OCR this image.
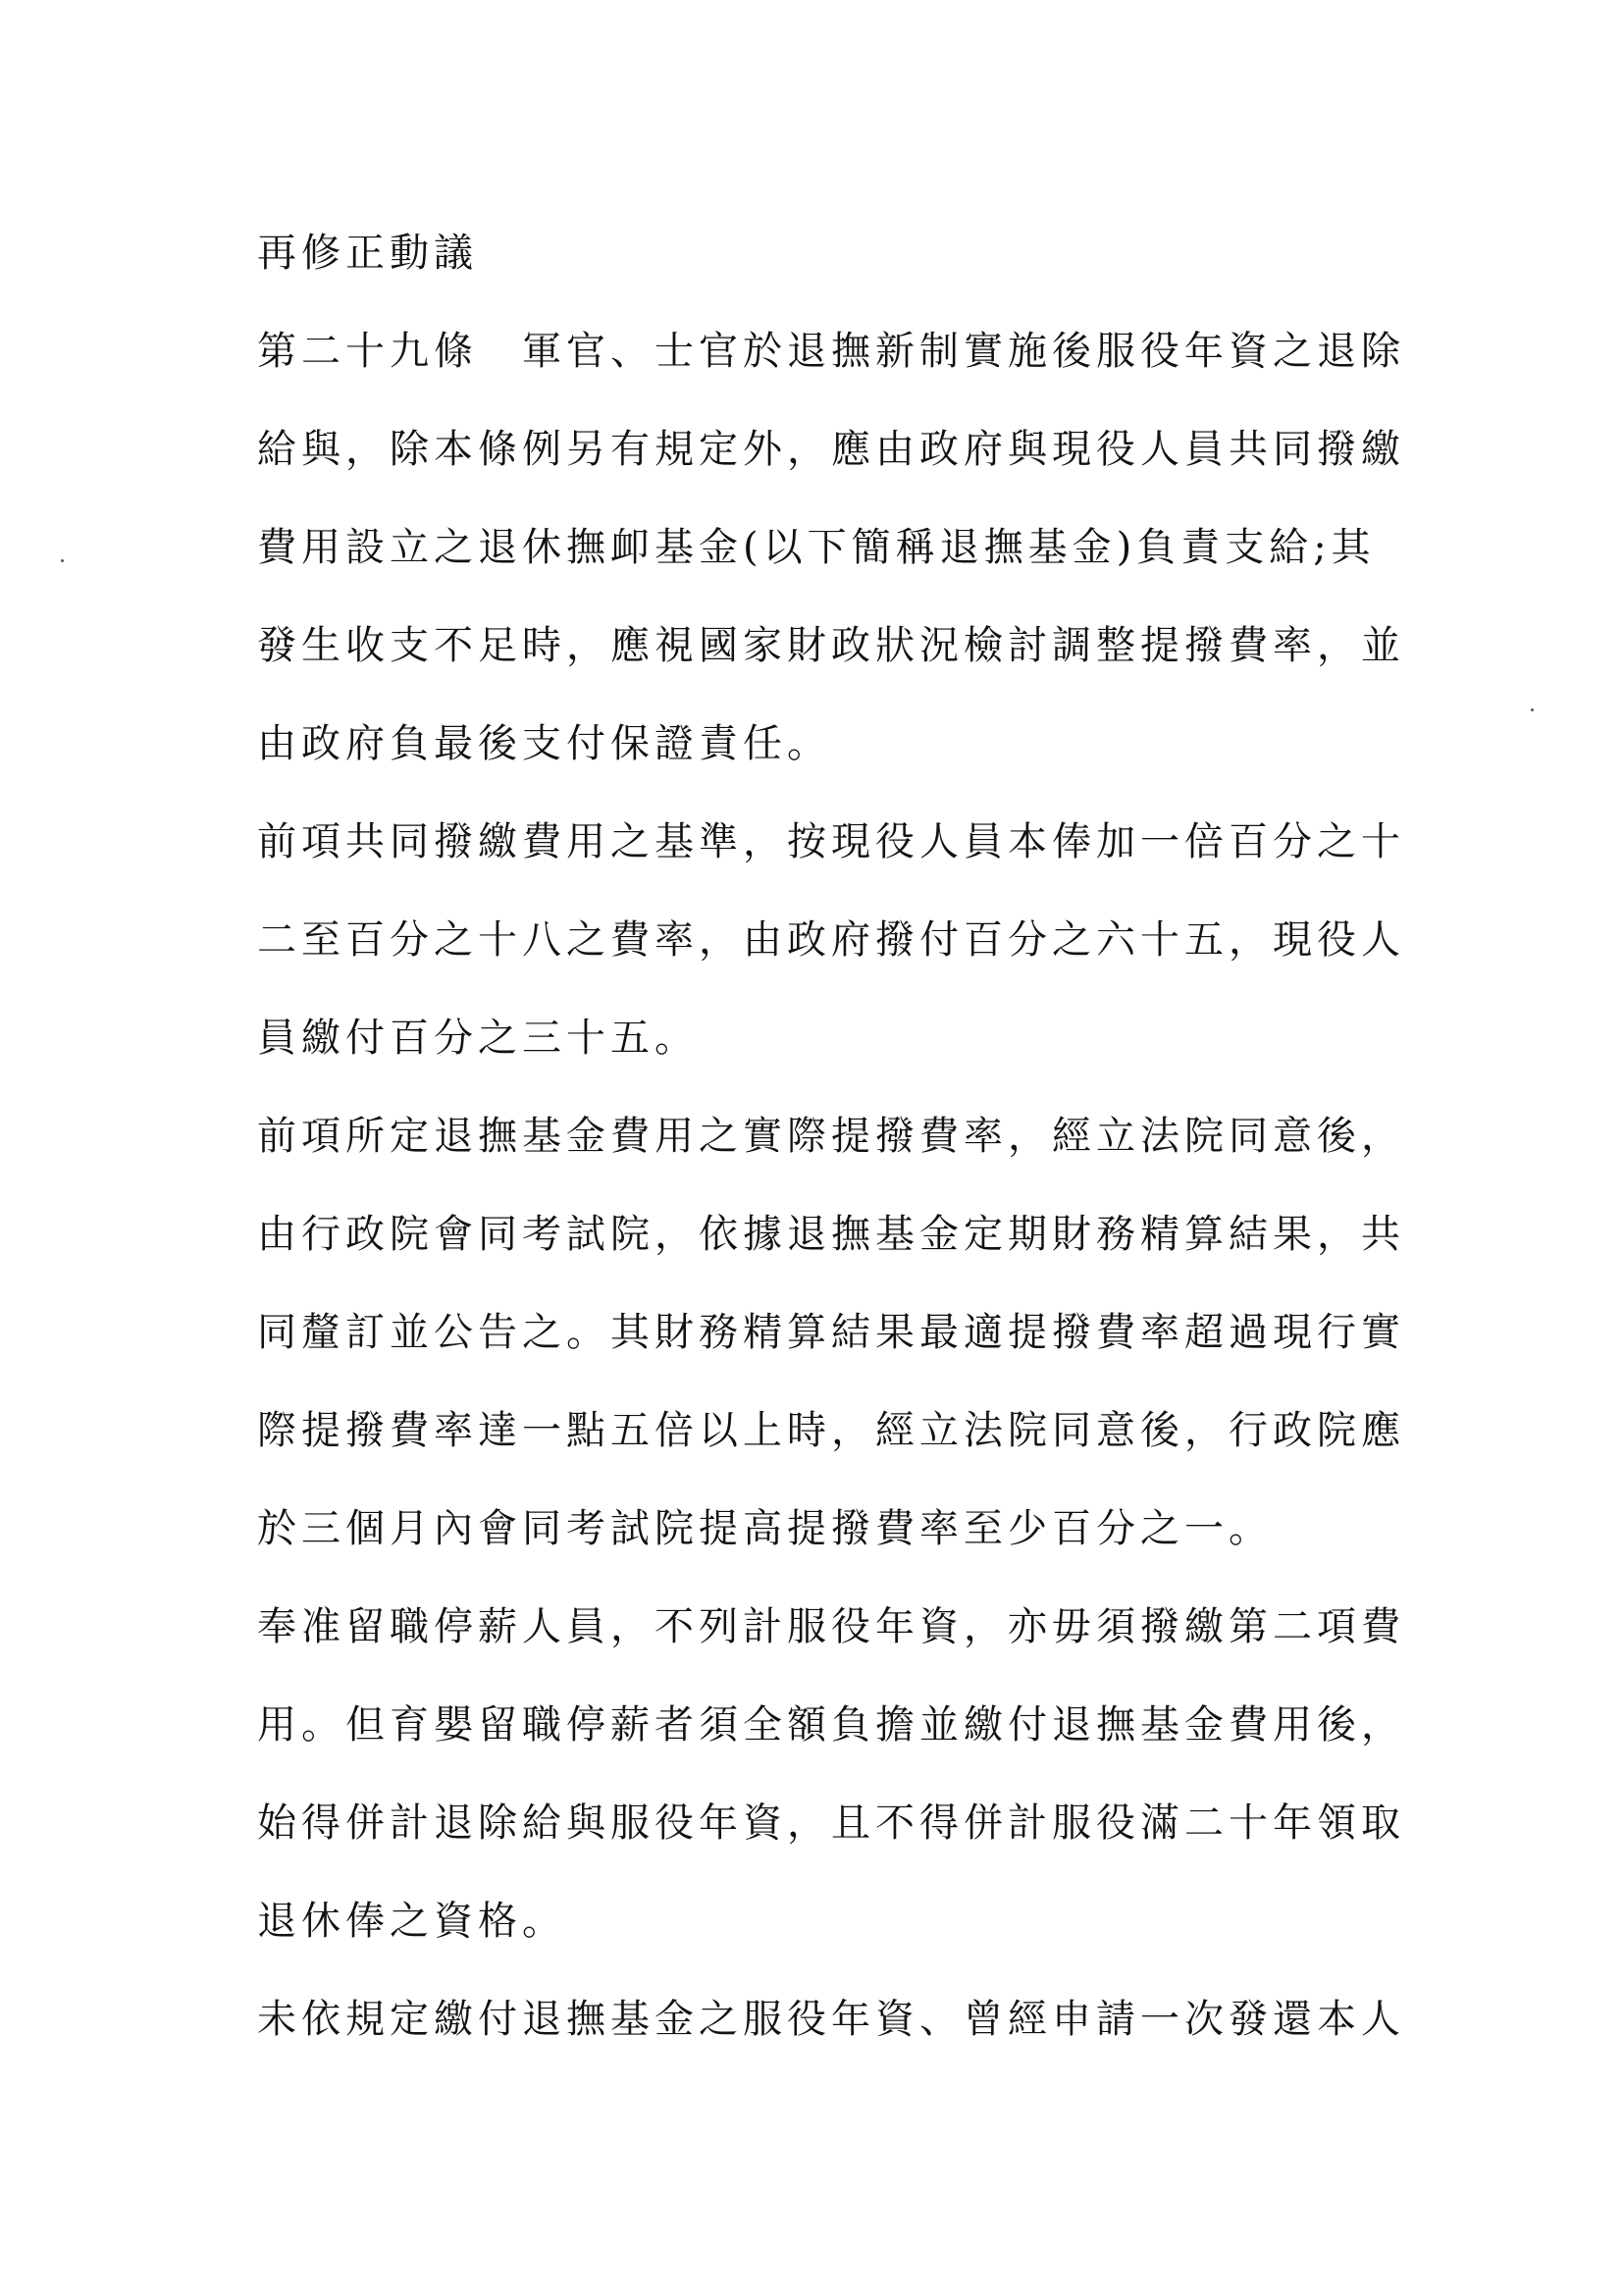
再修正動議
第二十九條　軍官、士官於退撫新制實施後服役年資之退除
給與，除本條例另有規定外，應由政府與現役人員共同撥繳
費用設立之退休撫卹基金(以下簡稱退撫基金)負責支給;其
發生收支不足時，應視國家財政狀況檢討調整提撥費率，並
由政府負最後支付保證責任。
前項共同撥繳費用之基準，按現役人員本俸加一倍百分之十
二至百分之十八之費率，由政府撥付百分之六十五，現役人
員繳付百分之三十五。
前項所定退撫基金費用之實際提撥費率，經立法院同意後，
由行政院會同考試院，依據退撫基金定期財務精算結果，共
同釐訂並公告之。其財務精算結果最適提撥費率超過現行實
際提撥費率達一點五倍以上時，經立法院同意後，行政院應
於三個月內會同考試院提高提撥費率至少百分之一。
奉准留職停薪人員，不列計服役年資，亦毋須撥繳第二項費
用。但育嬰留職停薪者須全額負擔並繳付退撫基金費用後，
始得併計退除給與服役年資，且不得併計服役滿二十年領取
退休俸之資格。
未依規定繳付退撫基金之服役年資、曾經申請一次發還本人
